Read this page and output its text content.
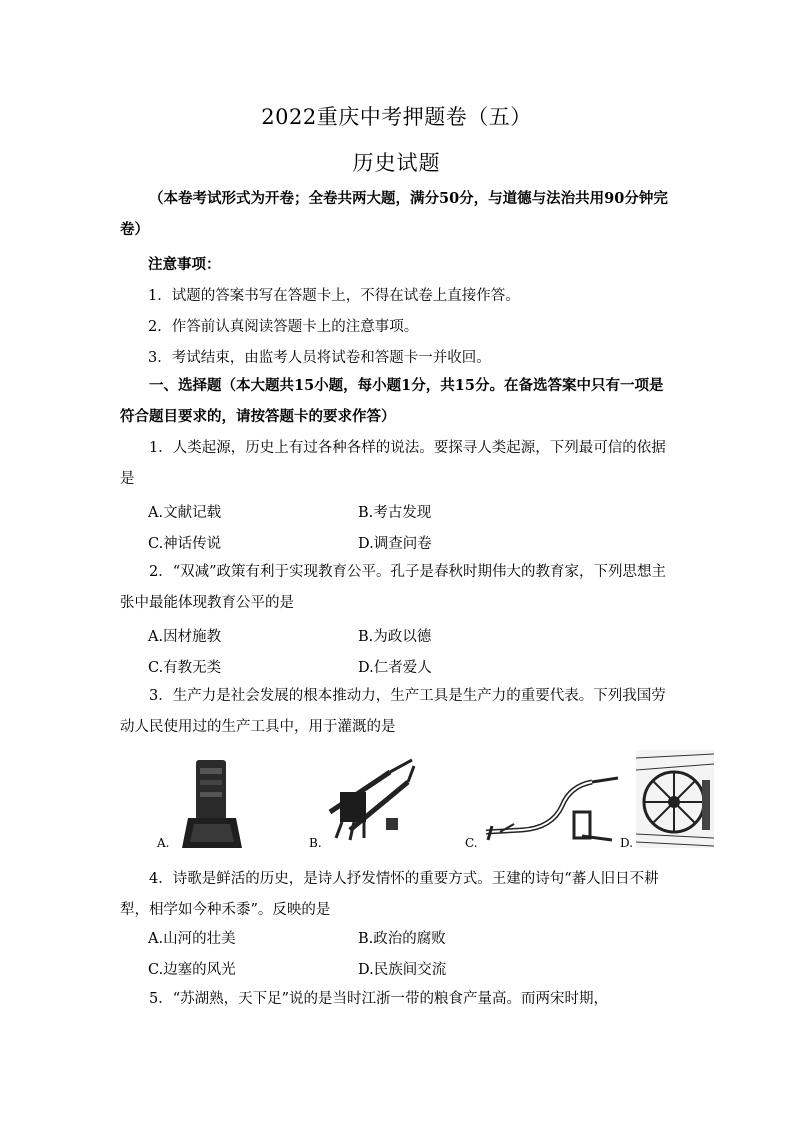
2022重庆中考押题卷（五）
历史试题
（本卷考试形式为开卷；全卷共两大题，满分50分，与道德与法治共用90分钟完卷）
注意事项：
1．试题的答案书写在答题卡上，不得在试卷上直接作答。
2．作答前认真阅读答题卡上的注意事项。
3．考试结束，由监考人员将试卷和答题卡一并收回。
一、选择题（本大题共15小题，每小题1分，共15分。在备选答案中只有一项是符合题目要求的，请按答题卡的要求作答）
1．人类起源，历史上有过各种各样的说法。要探寻人类起源，下列最可信的依据是
A.文献记载	B.考古发现
C.神话传说	D.调查问卷
2．“双减”政策有利于实现教育公平。孔子是春秋时期伟大的教育家，下列思想主张中最能体现教育公平的是
A.因材施教	B.为政以德
C.有教无类	D.仁者爱人
3．生产力是社会发展的根本推动力，生产工具是生产力的重要代表。下列我国劳动人民使用过的生产工具中，用于灌溉的是
A.	B.	C.	D.
4．诗歌是鲜活的历史，是诗人抒发情怀的重要方式。王建的诗句“蕃人旧日不耕犁，相学如今种禾黍”。反映的是
A.山河的壮美	B.政治的腐败
C.边塞的风光	D.民族间交流
5．“苏湖熟，天下足”说的是当时江浙一带的粮食产量高。而两宋时期，
